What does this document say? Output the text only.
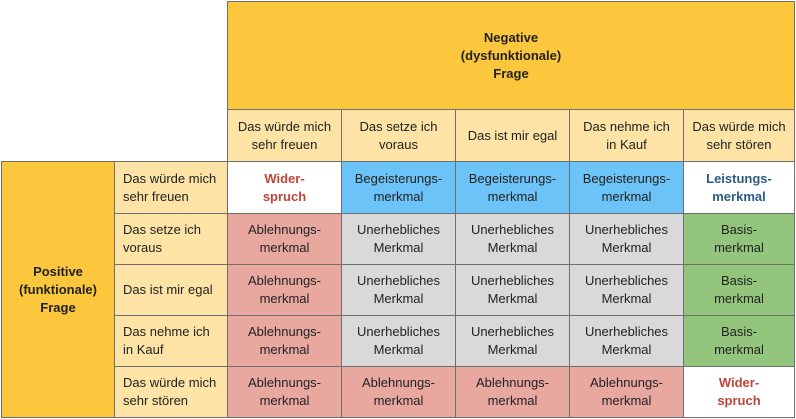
Negative
(dysfunktionale)
Frage
Das würde mich
sehr freuen
Das setze ich
voraus
Das ist mir egal
Das nehme ich
in Kauf
Das würde mich
sehr stören
Positive
(funktionale)
Frage
Das würde mich
sehr freuen
Das setze ich
voraus
Das ist mir egal
Das nehme ich
in Kauf
Das würde mich
sehr stören
Wider-
spruch
Begeisterungs-
merkmal
Begeisterungs-
merkmal
Begeisterungs-
merkmal
Leistungs-
merkmal
Ablehnungs-
merkmal
Unerhebliches
Merkmal
Unerhebliches
Merkmal
Unerhebliches
Merkmal
Basis-
merkmal
Ablehnungs-
merkmal
Unerhebliches
Merkmal
Unerhebliches
Merkmal
Unerhebliches
Merkmal
Basis-
merkmal
Ablehnungs-
merkmal
Unerhebliches
Merkmal
Unerhebliches
Merkmal
Unerhebliches
Merkmal
Basis-
merkmal
Ablehnungs-
merkmal
Ablehnungs-
merkmal
Ablehnungs-
merkmal
Ablehnungs-
merkmal
Wider-
spruch
